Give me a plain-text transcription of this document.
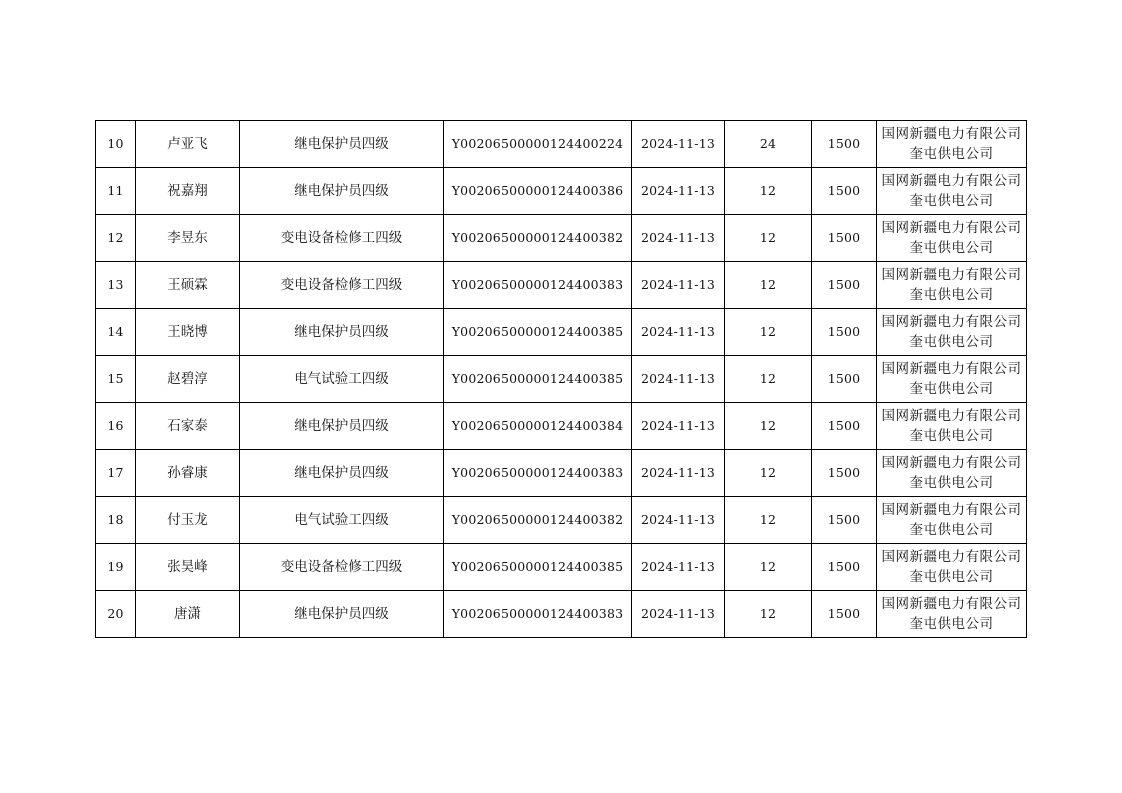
10	卢亚飞	继电保护员四级	Y00206500000124400224	2024-11-13	24	1500	国网新疆电力有限公司奎屯供电公司
11	祝嘉翔	继电保护员四级	Y00206500000124400386	2024-11-13	12	1500	国网新疆电力有限公司奎屯供电公司
12	李昱东	变电设备检修工四级	Y00206500000124400382	2024-11-13	12	1500	国网新疆电力有限公司奎屯供电公司
13	王硕霖	变电设备检修工四级	Y00206500000124400383	2024-11-13	12	1500	国网新疆电力有限公司奎屯供电公司
14	王晓博	继电保护员四级	Y00206500000124400385	2024-11-13	12	1500	国网新疆电力有限公司奎屯供电公司
15	赵碧淳	电气试验工四级	Y00206500000124400385	2024-11-13	12	1500	国网新疆电力有限公司奎屯供电公司
16	石家泰	继电保护员四级	Y00206500000124400384	2024-11-13	12	1500	国网新疆电力有限公司奎屯供电公司
17	孙睿康	继电保护员四级	Y00206500000124400383	2024-11-13	12	1500	国网新疆电力有限公司奎屯供电公司
18	付玉龙	电气试验工四级	Y00206500000124400382	2024-11-13	12	1500	国网新疆电力有限公司奎屯供电公司
19	张昊峰	变电设备检修工四级	Y00206500000124400385	2024-11-13	12	1500	国网新疆电力有限公司奎屯供电公司
20	唐潇	继电保护员四级	Y00206500000124400383	2024-11-13	12	1500	国网新疆电力有限公司奎屯供电公司
